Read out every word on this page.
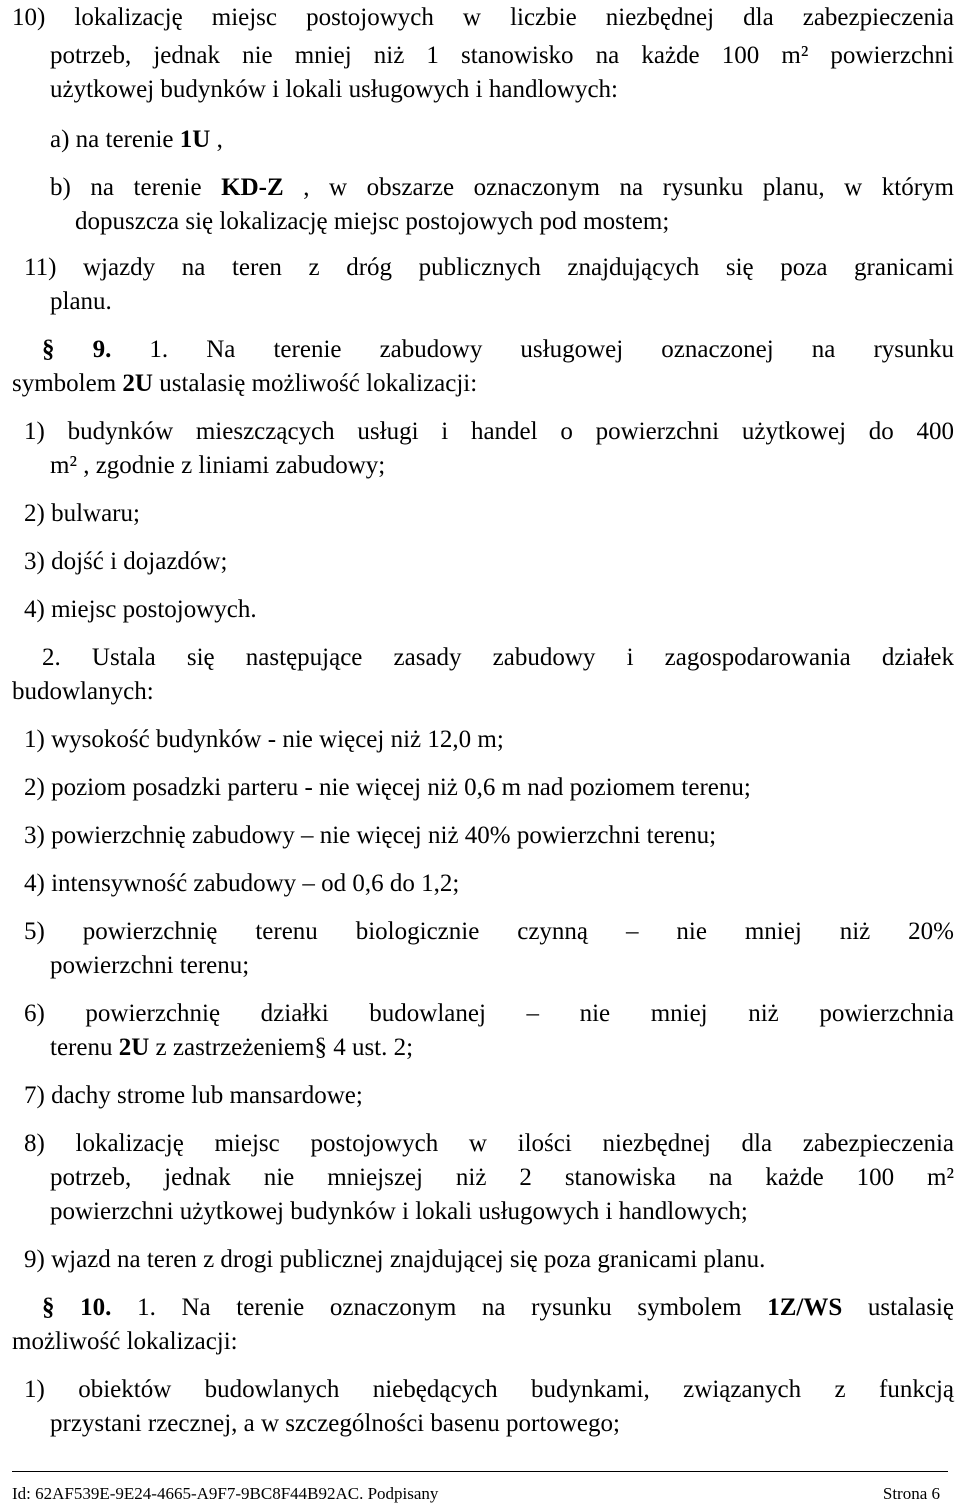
10) lokalizację miejsc postojowych w liczbie niezbędnej dla zabezpieczenia
potrzeb, jednak nie mniej niż 1 stanowisko na każde 100 m² powierzchni
użytkowej budynków i lokali usługowych i handlowych:
a) na terenie 1U ,
b) na terenie KD-Z , w obszarze oznaczonym na rysunku planu, w którym
dopuszcza się lokalizację miejsc postojowych pod mostem;
11) wjazdy na teren z dróg publicznych znajdujących się poza granicami
planu.
§ 9. 1. Na terenie zabudowy usługowej oznaczonej na rysunku
symbolem 2U ustalasię możliwość lokalizacji:
1) budynków mieszczących usługi i handel o powierzchni użytkowej do 400
m² , zgodnie z liniami zabudowy;
2) bulwaru;
3) dojść i dojazdów;
4) miejsc postojowych.
2. Ustala się następujące zasady zabudowy i zagospodarowania działek
budowlanych:
1) wysokość budynków - nie więcej niż 12,0 m;
2) poziom posadzki parteru - nie więcej niż 0,6 m nad poziomem terenu;
3) powierzchnię zabudowy – nie więcej niż 40% powierzchni terenu;
4) intensywność zabudowy – od 0,6 do 1,2;
5) powierzchnię terenu biologicznie czynną – nie mniej niż 20%
powierzchni terenu;
6) powierzchnię działki budowlanej – nie mniej niż powierzchnia
terenu 2U z zastrzeżeniem§ 4 ust. 2;
7) dachy strome lub mansardowe;
8) lokalizację miejsc postojowych w ilości niezbędnej dla zabezpieczenia
potrzeb, jednak nie mniejszej niż 2 stanowiska na każde 100 m²
powierzchni użytkowej budynków i lokali usługowych i handlowych;
9) wjazd na teren z drogi publicznej znajdującej się poza granicami planu.
§ 10. 1. Na terenie oznaczonym na rysunku symbolem 1Z/WS ustalasię
możliwość lokalizacji:
1) obiektów budowlanych niebędących budynkami, związanych z funkcją
przystani rzecznej, a w szczególności basenu portowego;
Id: 62AF539E-9E24-4665-A9F7-9BC8F44B92AC. Podpisany	Strona 6
